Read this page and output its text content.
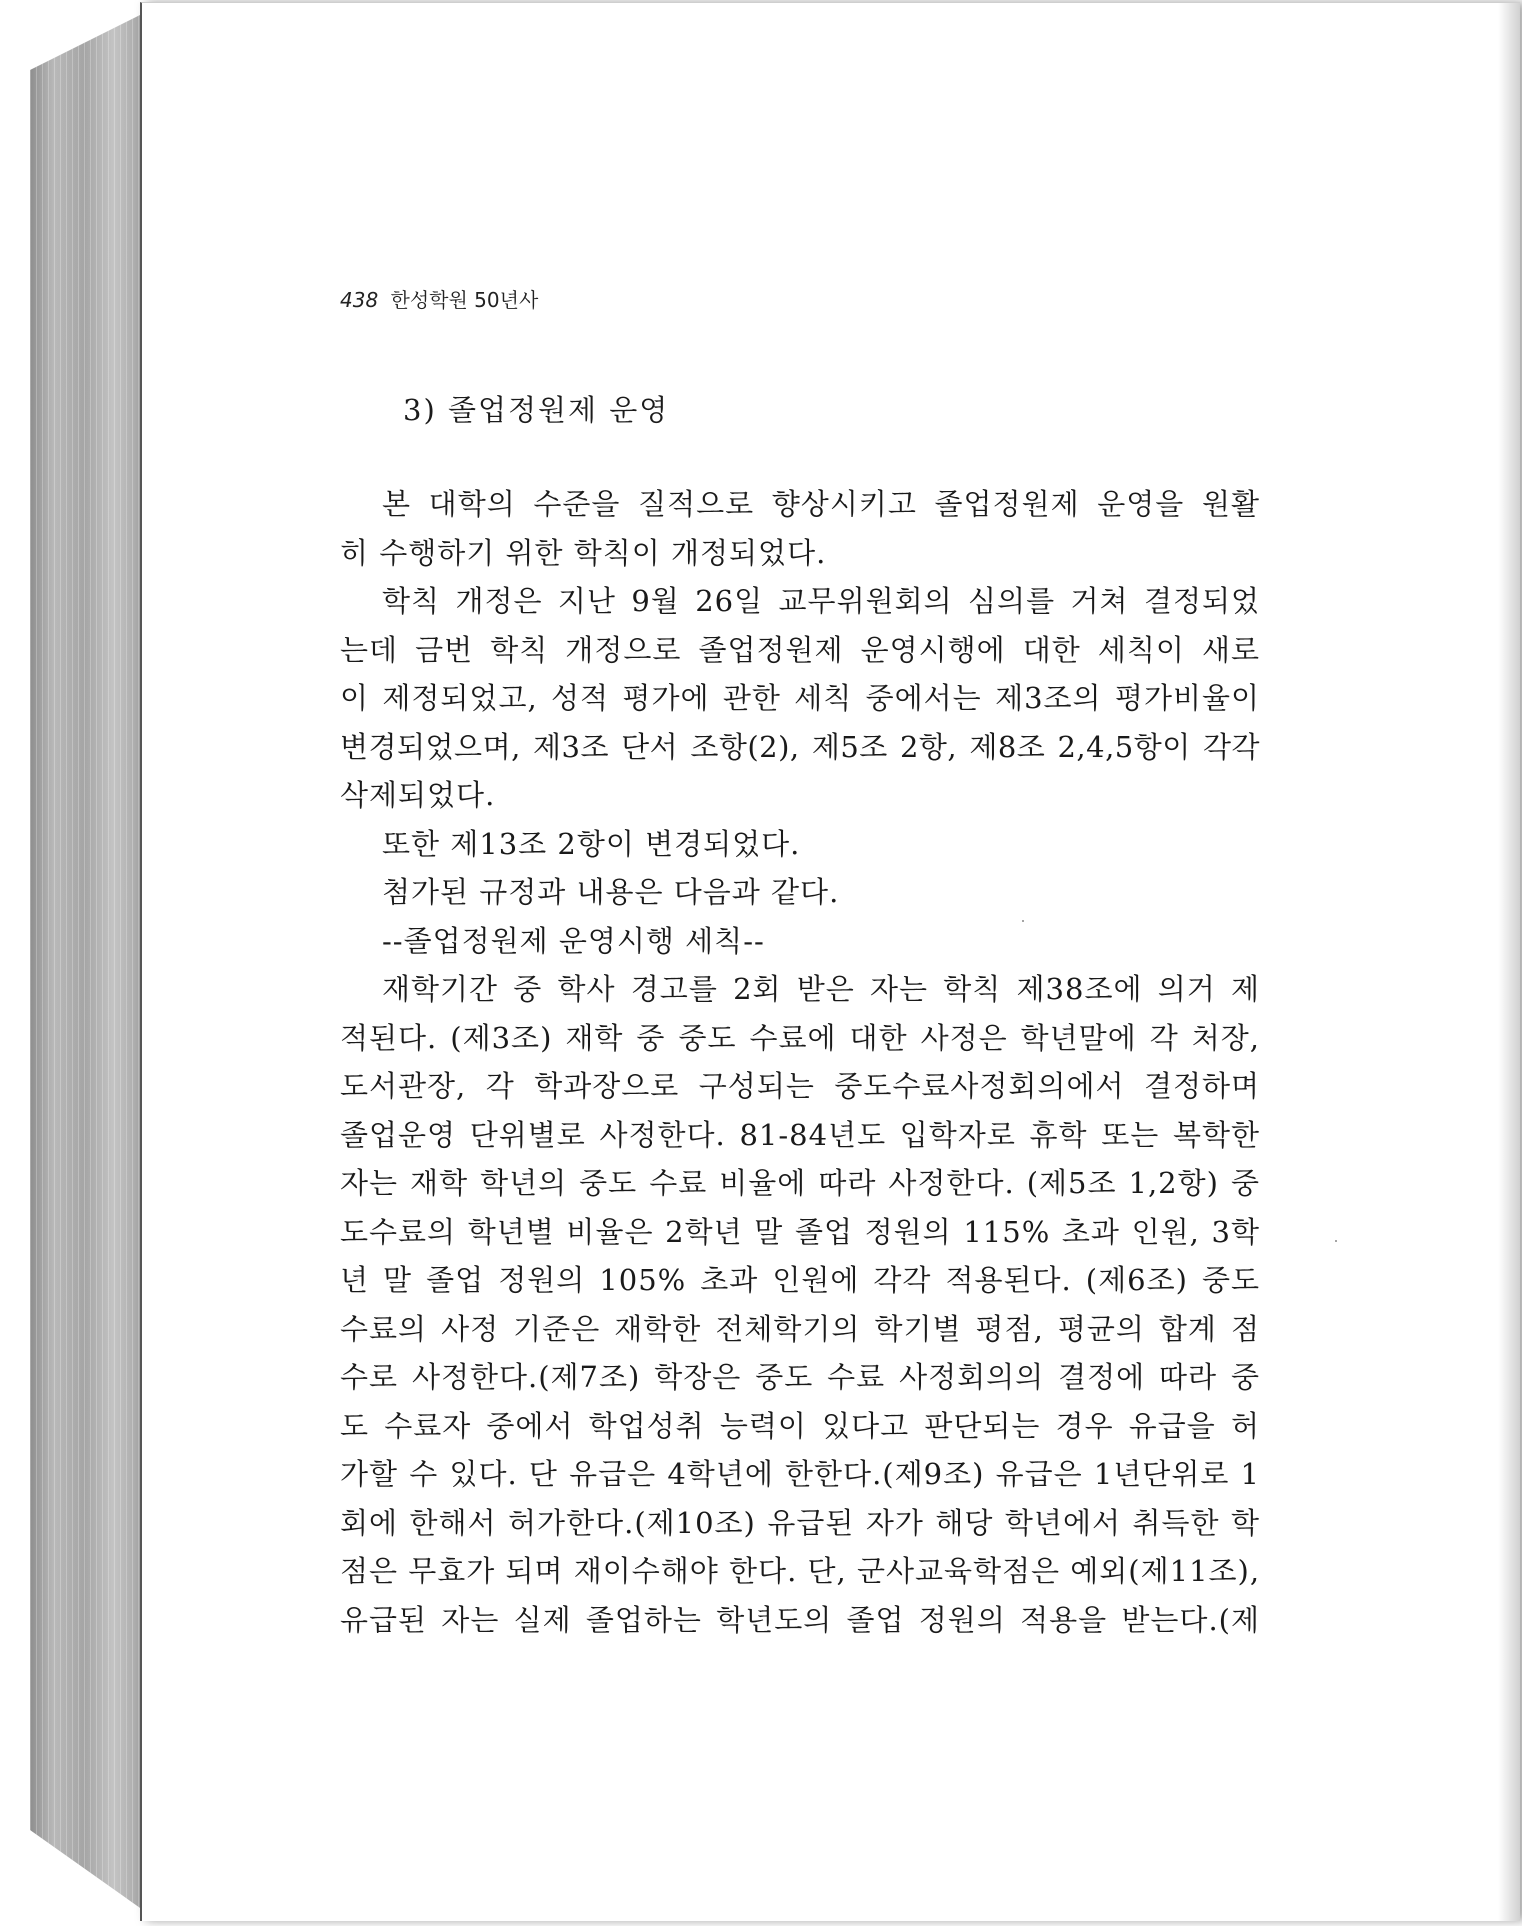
438 한성학원 50년사
3) 졸업정원제 운영
본 대학의 수준을 질적으로 향상시키고 졸업정원제 운영을 원활
히 수행하기 위한 학칙이 개정되었다.
학칙 개정은 지난 9월 26일 교무위원회의 심의를 거쳐 결정되었
는데 금번 학칙 개정으로 졸업정원제 운영시행에 대한 세칙이 새로
이 제정되었고, 성적 평가에 관한 세칙 중에서는 제3조의 평가비율이
변경되었으며, 제3조 단서 조항(2), 제5조 2항, 제8조 2,4,5항이 각각
삭제되었다.
또한 제13조 2항이 변경되었다.
첨가된 규정과 내용은 다음과 같다.
--졸업정원제 운영시행 세칙--
재학기간 중 학사 경고를 2회 받은 자는 학칙 제38조에 의거 제
적된다. (제3조) 재학 중 중도 수료에 대한 사정은 학년말에 각 처장,
도서관장, 각 학과장으로 구성되는 중도수료사정회의에서 결정하며
졸업운영 단위별로 사정한다. 81-84년도 입학자로 휴학 또는 복학한
자는 재학 학년의 중도 수료 비율에 따라 사정한다. (제5조 1,2항) 중
도수료의 학년별 비율은 2학년 말 졸업 정원의 115% 초과 인원, 3학
년 말 졸업 정원의 105% 초과 인원에 각각 적용된다. (제6조) 중도
수료의 사정 기준은 재학한 전체학기의 학기별 평점, 평균의 합계 점
수로 사정한다.(제7조) 학장은 중도 수료 사정회의의 결정에 따라 중
도 수료자 중에서 학업성취 능력이 있다고 판단되는 경우 유급을 허
가할 수 있다. 단 유급은 4학년에 한한다.(제9조) 유급은 1년단위로 1
회에 한해서 허가한다.(제10조) 유급된 자가 해당 학년에서 취득한 학
점은 무효가 되며 재이수해야 한다. 단, 군사교육학점은 예외(제11조),
유급된 자는 실제 졸업하는 학년도의 졸업 정원의 적용을 받는다.(제
